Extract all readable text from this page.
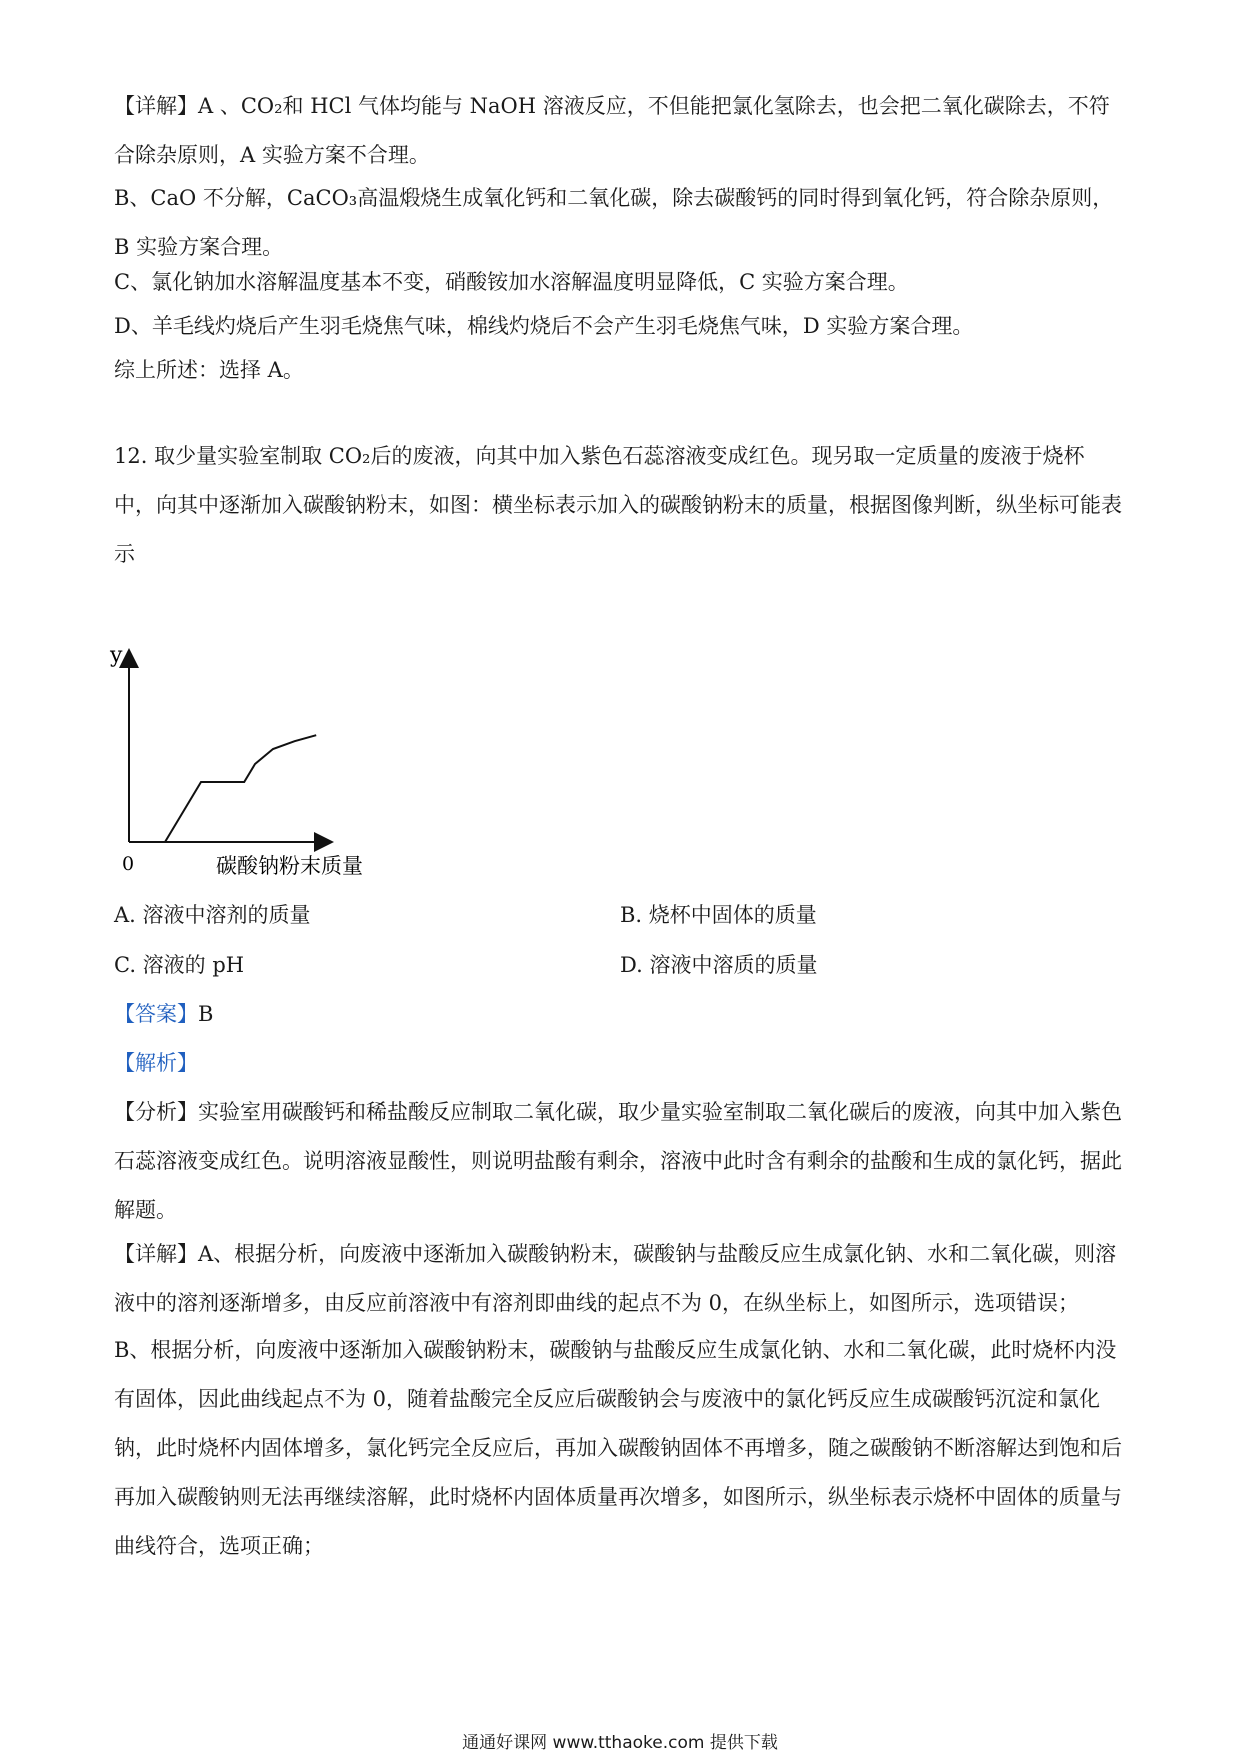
【详解】A 、CO₂和 HCl 气体均能与 NaOH 溶液反应，不但能把氯化氢除去，也会把二氧化碳除去，不符合除杂原则，A 实验方案不合理。

B、CaO 不分解，CaCO₃高温煅烧生成氧化钙和二氧化碳，除去碳酸钙的同时得到氧化钙，符合除杂原则，B 实验方案合理。

C、氯化钠加水溶解温度基本不变，硝酸铵加水溶解温度明显降低，C 实验方案合理。

D、羊毛线灼烧后产生羽毛烧焦气味，棉线灼烧后不会产生羽毛烧焦气味，D 实验方案合理。

综上所述：选择 A。

12. 取少量实验室制取 CO₂后的废液，向其中加入紫色石蕊溶液变成红色。现另取一定质量的废液于烧杯中，向其中逐渐加入碳酸钠粉末，如图：横坐标表示加入的碳酸钠粉末的质量，根据图像判断，纵坐标可能表示

y
0	碳酸钠粉末质量
A. 溶液中溶剂的质量	B. 烧杯中固体的质量
C. 溶液的 pH	D. 溶液中溶质的质量
【答案】B
【解析】

【分析】实验室用碳酸钙和稀盐酸反应制取二氧化碳，取少量实验室制取二氧化碳后的废液，向其中加入紫色石蕊溶液变成红色。说明溶液显酸性，则说明盐酸有剩余，溶液中此时含有剩余的盐酸和生成的氯化钙，据此解题。

【详解】A、根据分析，向废液中逐渐加入碳酸钠粉末，碳酸钠与盐酸反应生成氯化钠、水和二氧化碳，则溶液中的溶剂逐渐增多，由反应前溶液中有溶剂即曲线的起点不为 0，在纵坐标上，如图所示，选项错误；

B、根据分析，向废液中逐渐加入碳酸钠粉末，碳酸钠与盐酸反应生成氯化钠、水和二氧化碳，此时烧杯内没有固体，因此曲线起点不为 0，随着盐酸完全反应后碳酸钠会与废液中的氯化钙反应生成碳酸钙沉淀和氯化钠，此时烧杯内固体增多，氯化钙完全反应后，再加入碳酸钠固体不再增多，随之碳酸钠不断溶解达到饱和后再加入碳酸钠则无法再继续溶解，此时烧杯内固体质量再次增多，如图所示，纵坐标表示烧杯中固体的质量与曲线符合，选项正确；

通通好课网 www.tthaoke.com 提供下载
